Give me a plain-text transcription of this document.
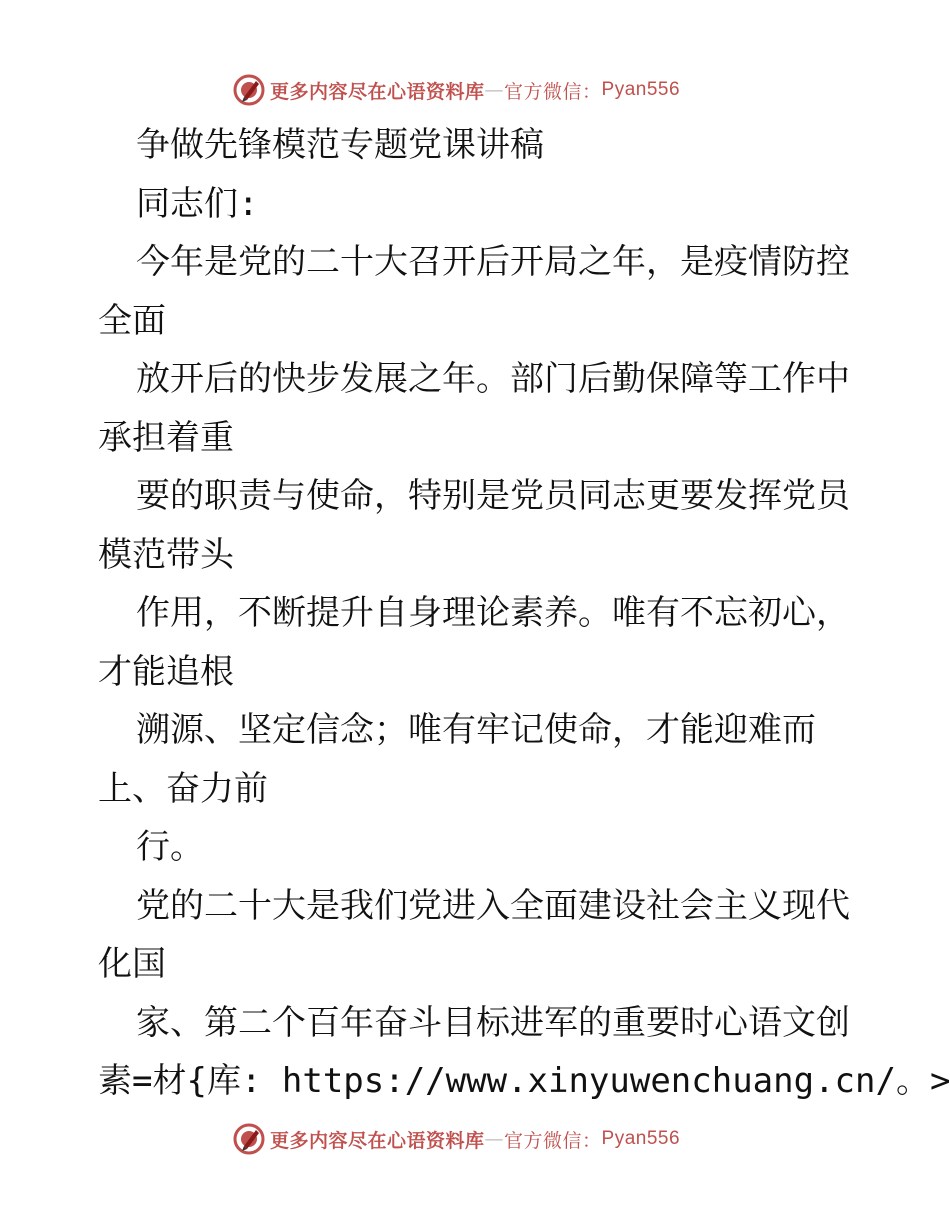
更多内容尽在心语资料库 — 官方微信： Pyan556
争做先锋模范专题党课讲稿
同志们:
今年是党的二十大召开后开局之年，是疫情防控
全面
放开后的快步发展之年。部门后勤保障等工作中
承担着重
要的职责与使命，特别是党员同志更要发挥党员
模范带头
作用，不断提升自身理论素养。唯有不忘初心，
才能追根
溯源、坚定信念；唯有牢记使命，才能迎难而
上、奋力前
行。
党的二十大是我们党进入全面建设社会主义现代
化国
家、第二个百年奋斗目标进军的重要时心语文创
素=材{库: https://www.xinyuwenchuang.cn/。>
更多内容尽在心语资料库 — 官方微信： Pyan556
